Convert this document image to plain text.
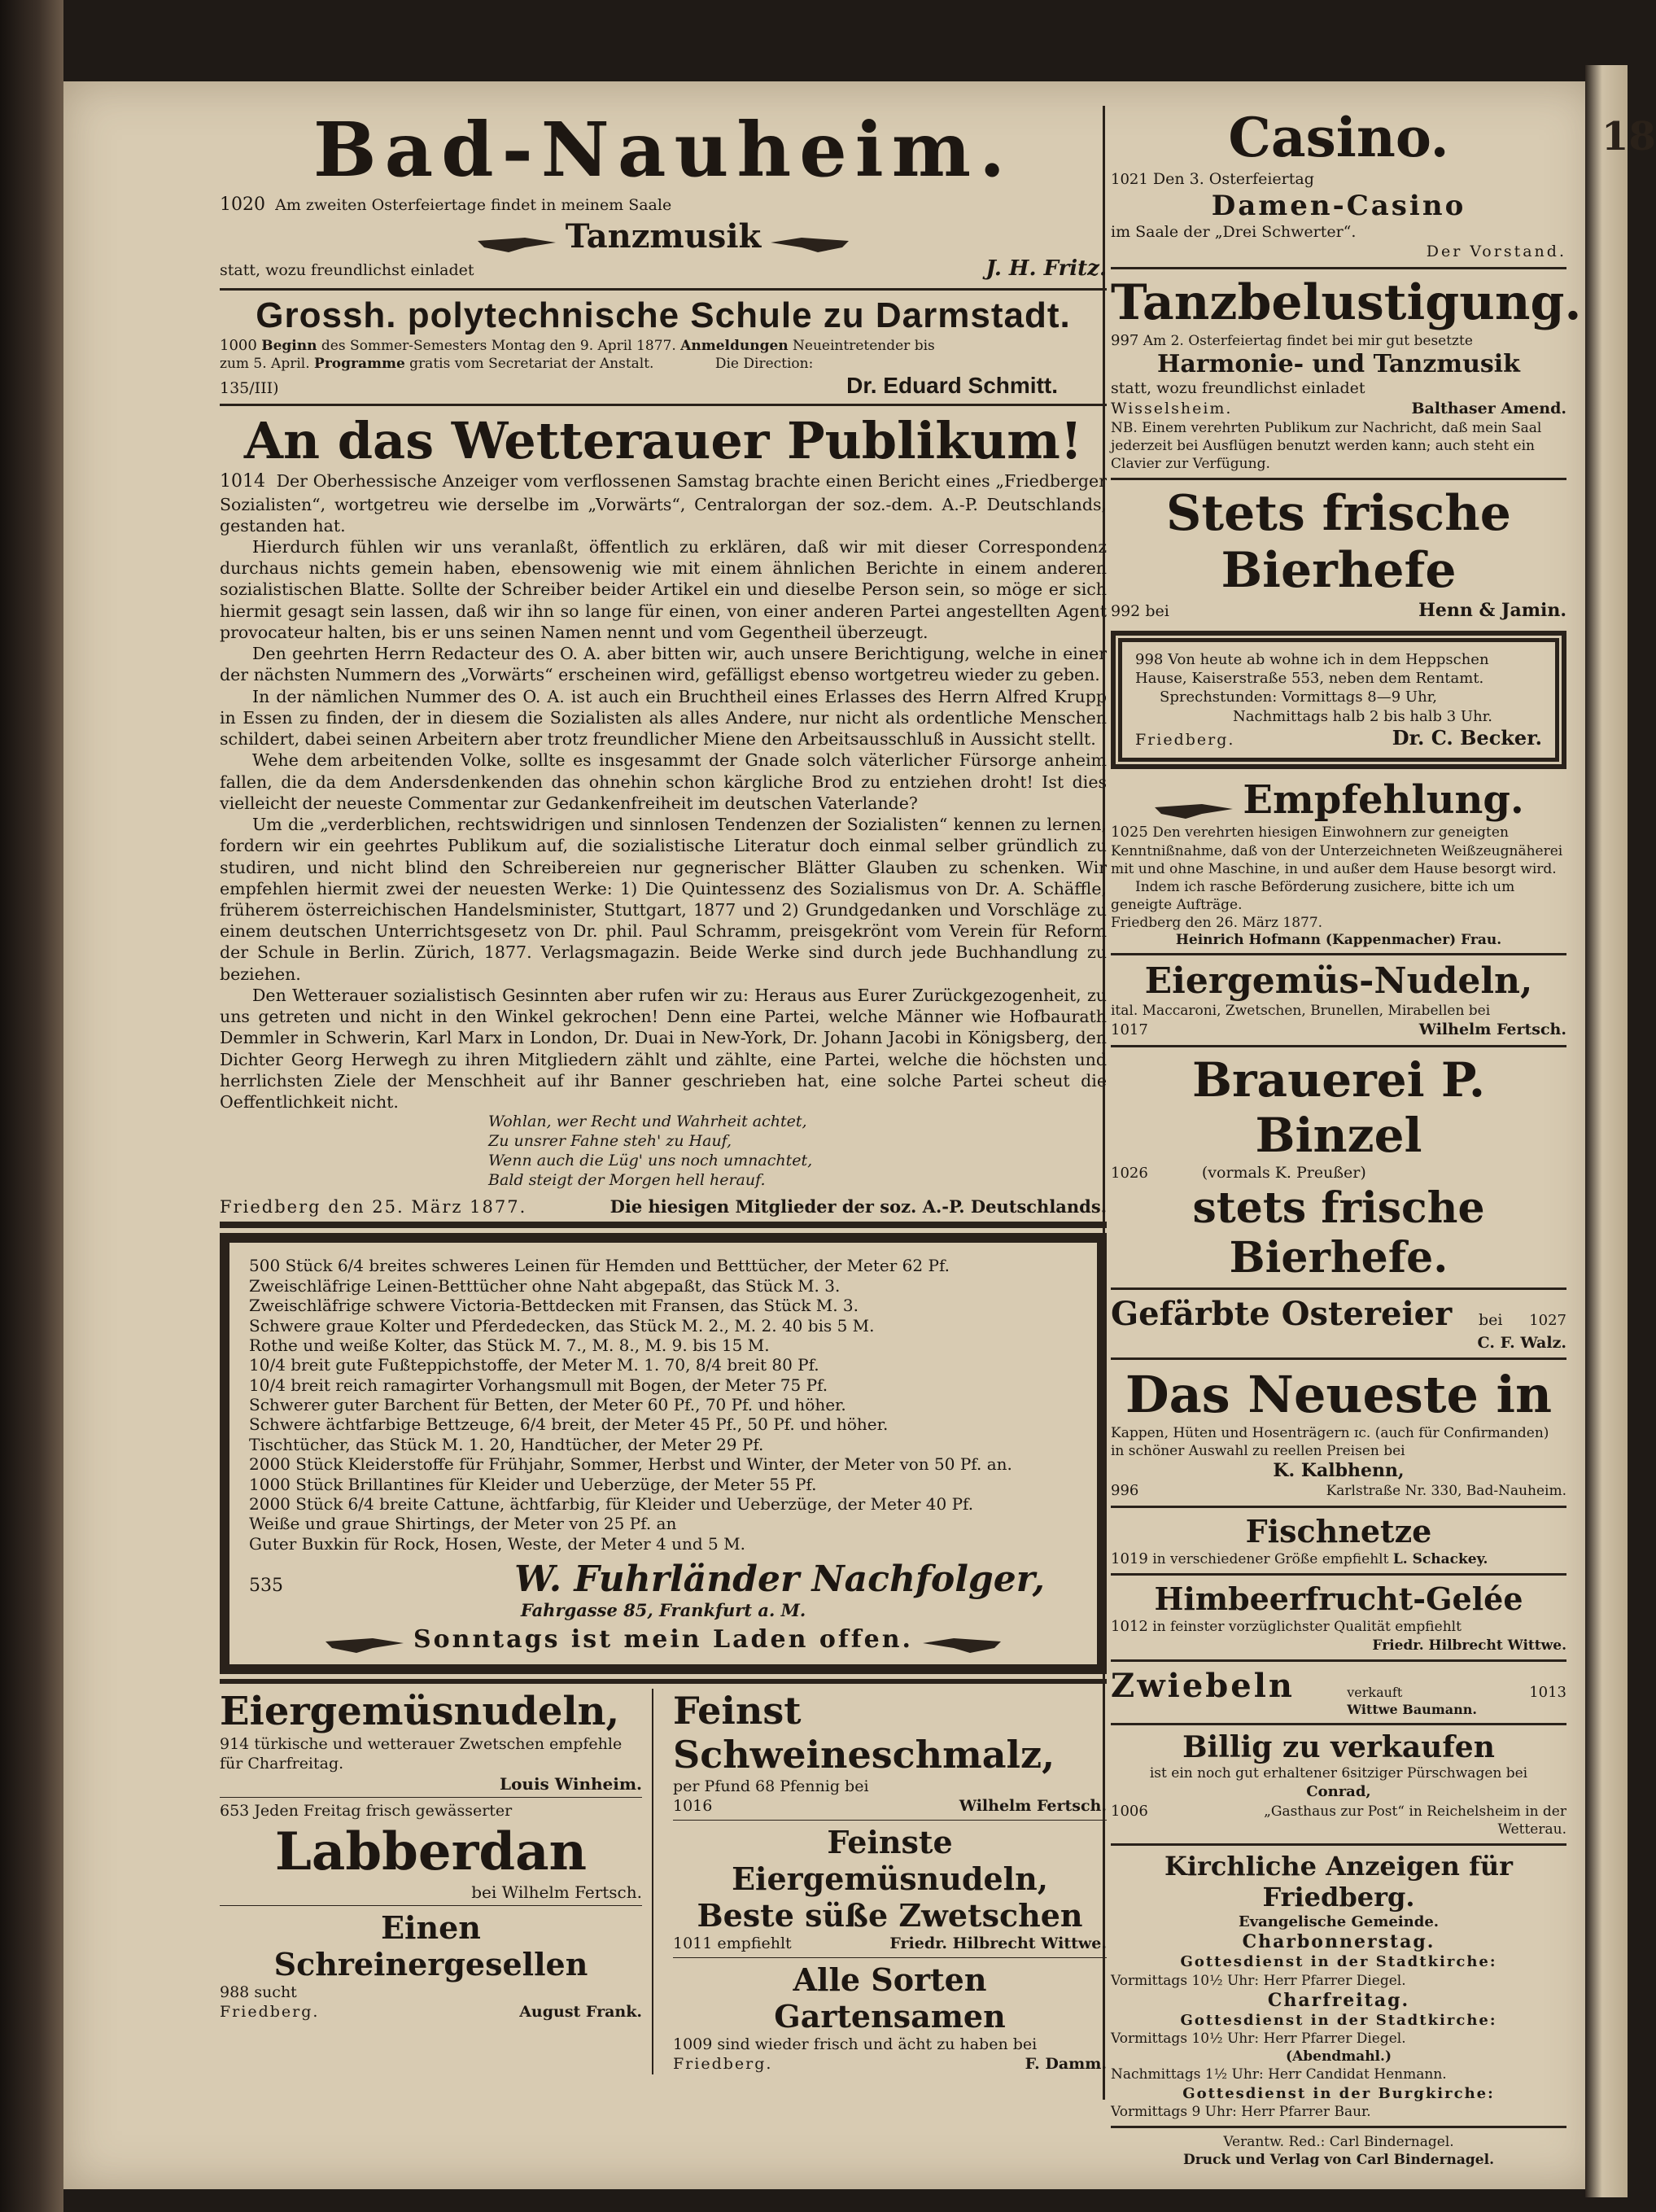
18
Bad-Nauheim.
1020 Am zweiten Osterfeiertage findet in meinem Saale
Tanzmusik
statt, wozu freundlichst einladet	J. H. Fritz.
Grossh. polytechnische Schule zu Darmstadt.
1000 Beginn des Sommer-Semesters Montag den 9. April 1877. Anmeldungen Neueintretender bis
zum 5. April. Programme gratis vom Secretariat der Anstalt.	Die Direction:
135/III)	Dr. Eduard Schmitt.
An das Wetterauer Publikum!

1014 Der Oberhessische Anzeiger vom verflossenen Samstag brachte einen Bericht eines „Friedberger Sozialisten“, wortgetreu wie derselbe im „Vorwärts“, Centralorgan der soz.-dem. A.-P. Deutschlands, gestanden hat.

Hierdurch fühlen wir uns veranlaßt, öffentlich zu erklären, daß wir mit dieser Correspondenz durchaus nichts gemein haben, ebensowenig wie mit einem ähnlichen Berichte in einem anderen sozialistischen Blatte. Sollte der Schreiber beider Artikel ein und dieselbe Person sein, so möge er sich hiermit gesagt sein lassen, daß wir ihn so lange für einen, von einer anderen Partei angestellten Agent provocateur halten, bis er uns seinen Namen nennt und vom Gegentheil überzeugt.

Den geehrten Herrn Redacteur des O. A. aber bitten wir, auch unsere Berichtigung, welche in einer der nächsten Nummern des „Vorwärts“ erscheinen wird, gefälligst ebenso wortgetreu wieder zu geben.

In der nämlichen Nummer des O. A. ist auch ein Bruchtheil eines Erlasses des Herrn Alfred Krupp in Essen zu finden, der in diesem die Sozialisten als alles Andere, nur nicht als ordentliche Menschen schildert, dabei seinen Arbeitern aber trotz freundlicher Miene den Arbeitsausschluß in Aussicht stellt.

Wehe dem arbeitenden Volke, sollte es insgesammt der Gnade solch väterlicher Fürsorge anheim fallen, die da dem Andersdenkenden das ohnehin schon kärgliche Brod zu entziehen droht! Ist dies vielleicht der neueste Commentar zur Gedankenfreiheit im deutschen Vaterlande?

Um die „verderblichen, rechtswidrigen und sinnlosen Tendenzen der Sozialisten“ kennen zu lernen, fordern wir ein geehrtes Publikum auf, die sozialistische Literatur doch einmal selber gründlich zu studiren, und nicht blind den Schreibereien nur gegnerischer Blätter Glauben zu schenken. Wir empfehlen hiermit zwei der neuesten Werke: 1) Die Quintessenz des Sozialismus von Dr. A. Schäffle, früherem österreichischen Handelsminister, Stuttgart, 1877 und 2) Grundgedanken und Vorschläge zu einem deutschen Unterrichtsgesetz von Dr. phil. Paul Schramm, preisgekrönt vom Verein für Reform der Schule in Berlin. Zürich, 1877. Verlagsmagazin. Beide Werke sind durch jede Buchhandlung zu beziehen.

Den Wetterauer sozialistisch Gesinnten aber rufen wir zu: Heraus aus Eurer Zurückgezogenheit, zu uns getreten und nicht in den Winkel gekrochen! Denn eine Partei, welche Männer wie Hofbaurath Demmler in Schwerin, Karl Marx in London, Dr. Duai in New-York, Dr. Johann Jacobi in Königsberg, den Dichter Georg Herwegh zu ihren Mitgliedern zählt und zählte, eine Partei, welche die höchsten und herrlichsten Ziele der Menschheit auf ihr Banner geschrieben hat, eine solche Partei scheut die Oeffentlichkeit nicht.

Wohlan, wer Recht und Wahrheit achtet,
Zu unsrer Fahne steh' zu Hauf,
Wenn auch die Lüg' uns noch umnachtet,
Bald steigt der Morgen hell herauf.
Friedberg den 25. März 1877.	Die hiesigen Mitglieder der soz. A.-P. Deutschlands.
500 Stück 6/4 breites schweres Leinen für Hemden und Betttücher, der Meter 62 Pf.
Zweischläfrige Leinen-Betttücher ohne Naht abgepaßt, das Stück M. 3.
Zweischläfrige schwere Victoria-Bettdecken mit Fransen, das Stück M. 3.
Schwere graue Kolter und Pferdedecken, das Stück M. 2., M. 2. 40 bis 5 M.
Rothe und weiße Kolter, das Stück M. 7., M. 8., M. 9. bis 15 M.
10/4 breit gute Fußteppichstoffe, der Meter M. 1. 70, 8/4 breit 80 Pf.
10/4 breit reich ramagirter Vorhangsmull mit Bogen, der Meter 75 Pf.
Schwerer guter Barchent für Betten, der Meter 60 Pf., 70 Pf. und höher.
Schwere ächtfarbige Bettzeuge, 6/4 breit, der Meter 45 Pf., 50 Pf. und höher.
Tischtücher, das Stück M. 1. 20, Handtücher, der Meter 29 Pf.
2000 Stück Kleiderstoffe für Frühjahr, Sommer, Herbst und Winter, der Meter von 50 Pf. an.
1000 Stück Brillantines für Kleider und Ueberzüge, der Meter 55 Pf.
2000 Stück 6/4 breite Cattune, ächtfarbig, für Kleider und Ueberzüge, der Meter 40 Pf.
Weiße und graue Shirtings, der Meter von 25 Pf. an
Guter Buxkin für Rock, Hosen, Weste, der Meter 4 und 5 M.
535	W. Fuhrländer Nachfolger,
Fahrgasse 85, Frankfurt a. M.
Sonntags ist mein Laden offen.
Eiergemüsnudeln,
914 türkische und wetterauer Zwetschen empfehle für Charfreitag.
Louis Winheim.
653 Jeden Freitag frisch gewässerter
Labberdan
bei Wilhelm Fertsch.
Einen Schreinergesellen
988 sucht
Friedberg.	August Frank.
Feinst Schweineschmalz,
per Pfund 68 Pfennig bei
1016	Wilhelm Fertsch.
Feinste Eiergemüsnudeln,
Beste süße Zwetschen
1011 empfiehlt	Friedr. Hilbrecht Wittwe.
Alle Sorten Gartensamen
1009 sind wieder frisch und ächt zu haben bei
Friedberg.	F. Damm.
Casino.
1021 Den 3. Osterfeiertag
Damen-Casino
im Saale der „Drei Schwerter“.
Der Vorstand.
Tanzbelustigung.
997 Am 2. Osterfeiertag findet bei mir gut besetzte
Harmonie- und Tanzmusik
statt, wozu freundlichst einladet
Wisselsheim.	Balthaser Amend.
NB. Einem verehrten Publikum zur Nachricht, daß mein Saal jederzeit bei Ausflügen benutzt werden kann; auch steht ein Clavier zur Verfügung.
Stets frische Bierhefe
992 bei	Henn & Jamin.
998 Von heute ab wohne ich in dem Heppschen Hause, Kaiserstraße 553, neben dem Rentamt.
Sprechstunden: Vormittags 8—9 Uhr,
Nachmittags halb 2 bis halb 3 Uhr.
Friedberg.	Dr. C. Becker.
Empfehlung.
1025 Den verehrten hiesigen Einwohnern zur geneigten Kenntnißnahme, daß von der Unterzeichneten Weißzeugnäherei mit und ohne Maschine, in und außer dem Hause besorgt wird.
Indem ich rasche Beförderung zusichere, bitte ich um geneigte Aufträge.
Friedberg den 26. März 1877.
Heinrich Hofmann (Kappenmacher) Frau.
Eiergemüs-Nudeln,
ital. Maccaroni, Zwetschen, Brunellen, Mirabellen bei
1017	Wilhelm Fertsch.
Brauerei P. Binzel
1026	(vormals K. Preußer)
stets frische Bierhefe.
Gefärbte Ostereier bei 1027
C. F. Walz.
Das Neueste in
Kappen, Hüten und Hosenträgern ɪc. (auch für Confirmanden) in schöner Auswahl zu reellen Preisen bei
K. Kalbhenn,
996	Karlstraße Nr. 330, Bad-Nauheim.
Fischnetze
1019 in verschiedener Größe empfiehlt L. Schackey.
Himbeerfrucht-Gelée
1012 in feinster vorzüglichster Qualität empfiehlt
Friedr. Hilbrecht Wittwe.
Zwiebeln	verkauft
Wittwe Baumann.
1013
Billig zu verkaufen
ist ein noch gut erhaltener 6sitziger Pürschwagen bei
Conrad,
1006	„Gasthaus zur Post“ in Reichelsheim in der Wetterau.
Kirchliche Anzeigen für Friedberg.
Evangelische Gemeinde.
Charbonnerstag.
Gottesdienst in der Stadtkirche:
Vormittags 10½ Uhr: Herr Pfarrer Diegel.
Charfreitag.
Gottesdienst in der Stadtkirche:
Vormittags 10½ Uhr: Herr Pfarrer Diegel.
(Abendmahl.)
Nachmittags 1½ Uhr: Herr Candidat Henmann.
Gottesdienst in der Burgkirche:
Vormittags 9 Uhr: Herr Pfarrer Baur.
Verantw. Red.: Carl Bindernagel.
Druck und Verlag von Carl Bindernagel.
